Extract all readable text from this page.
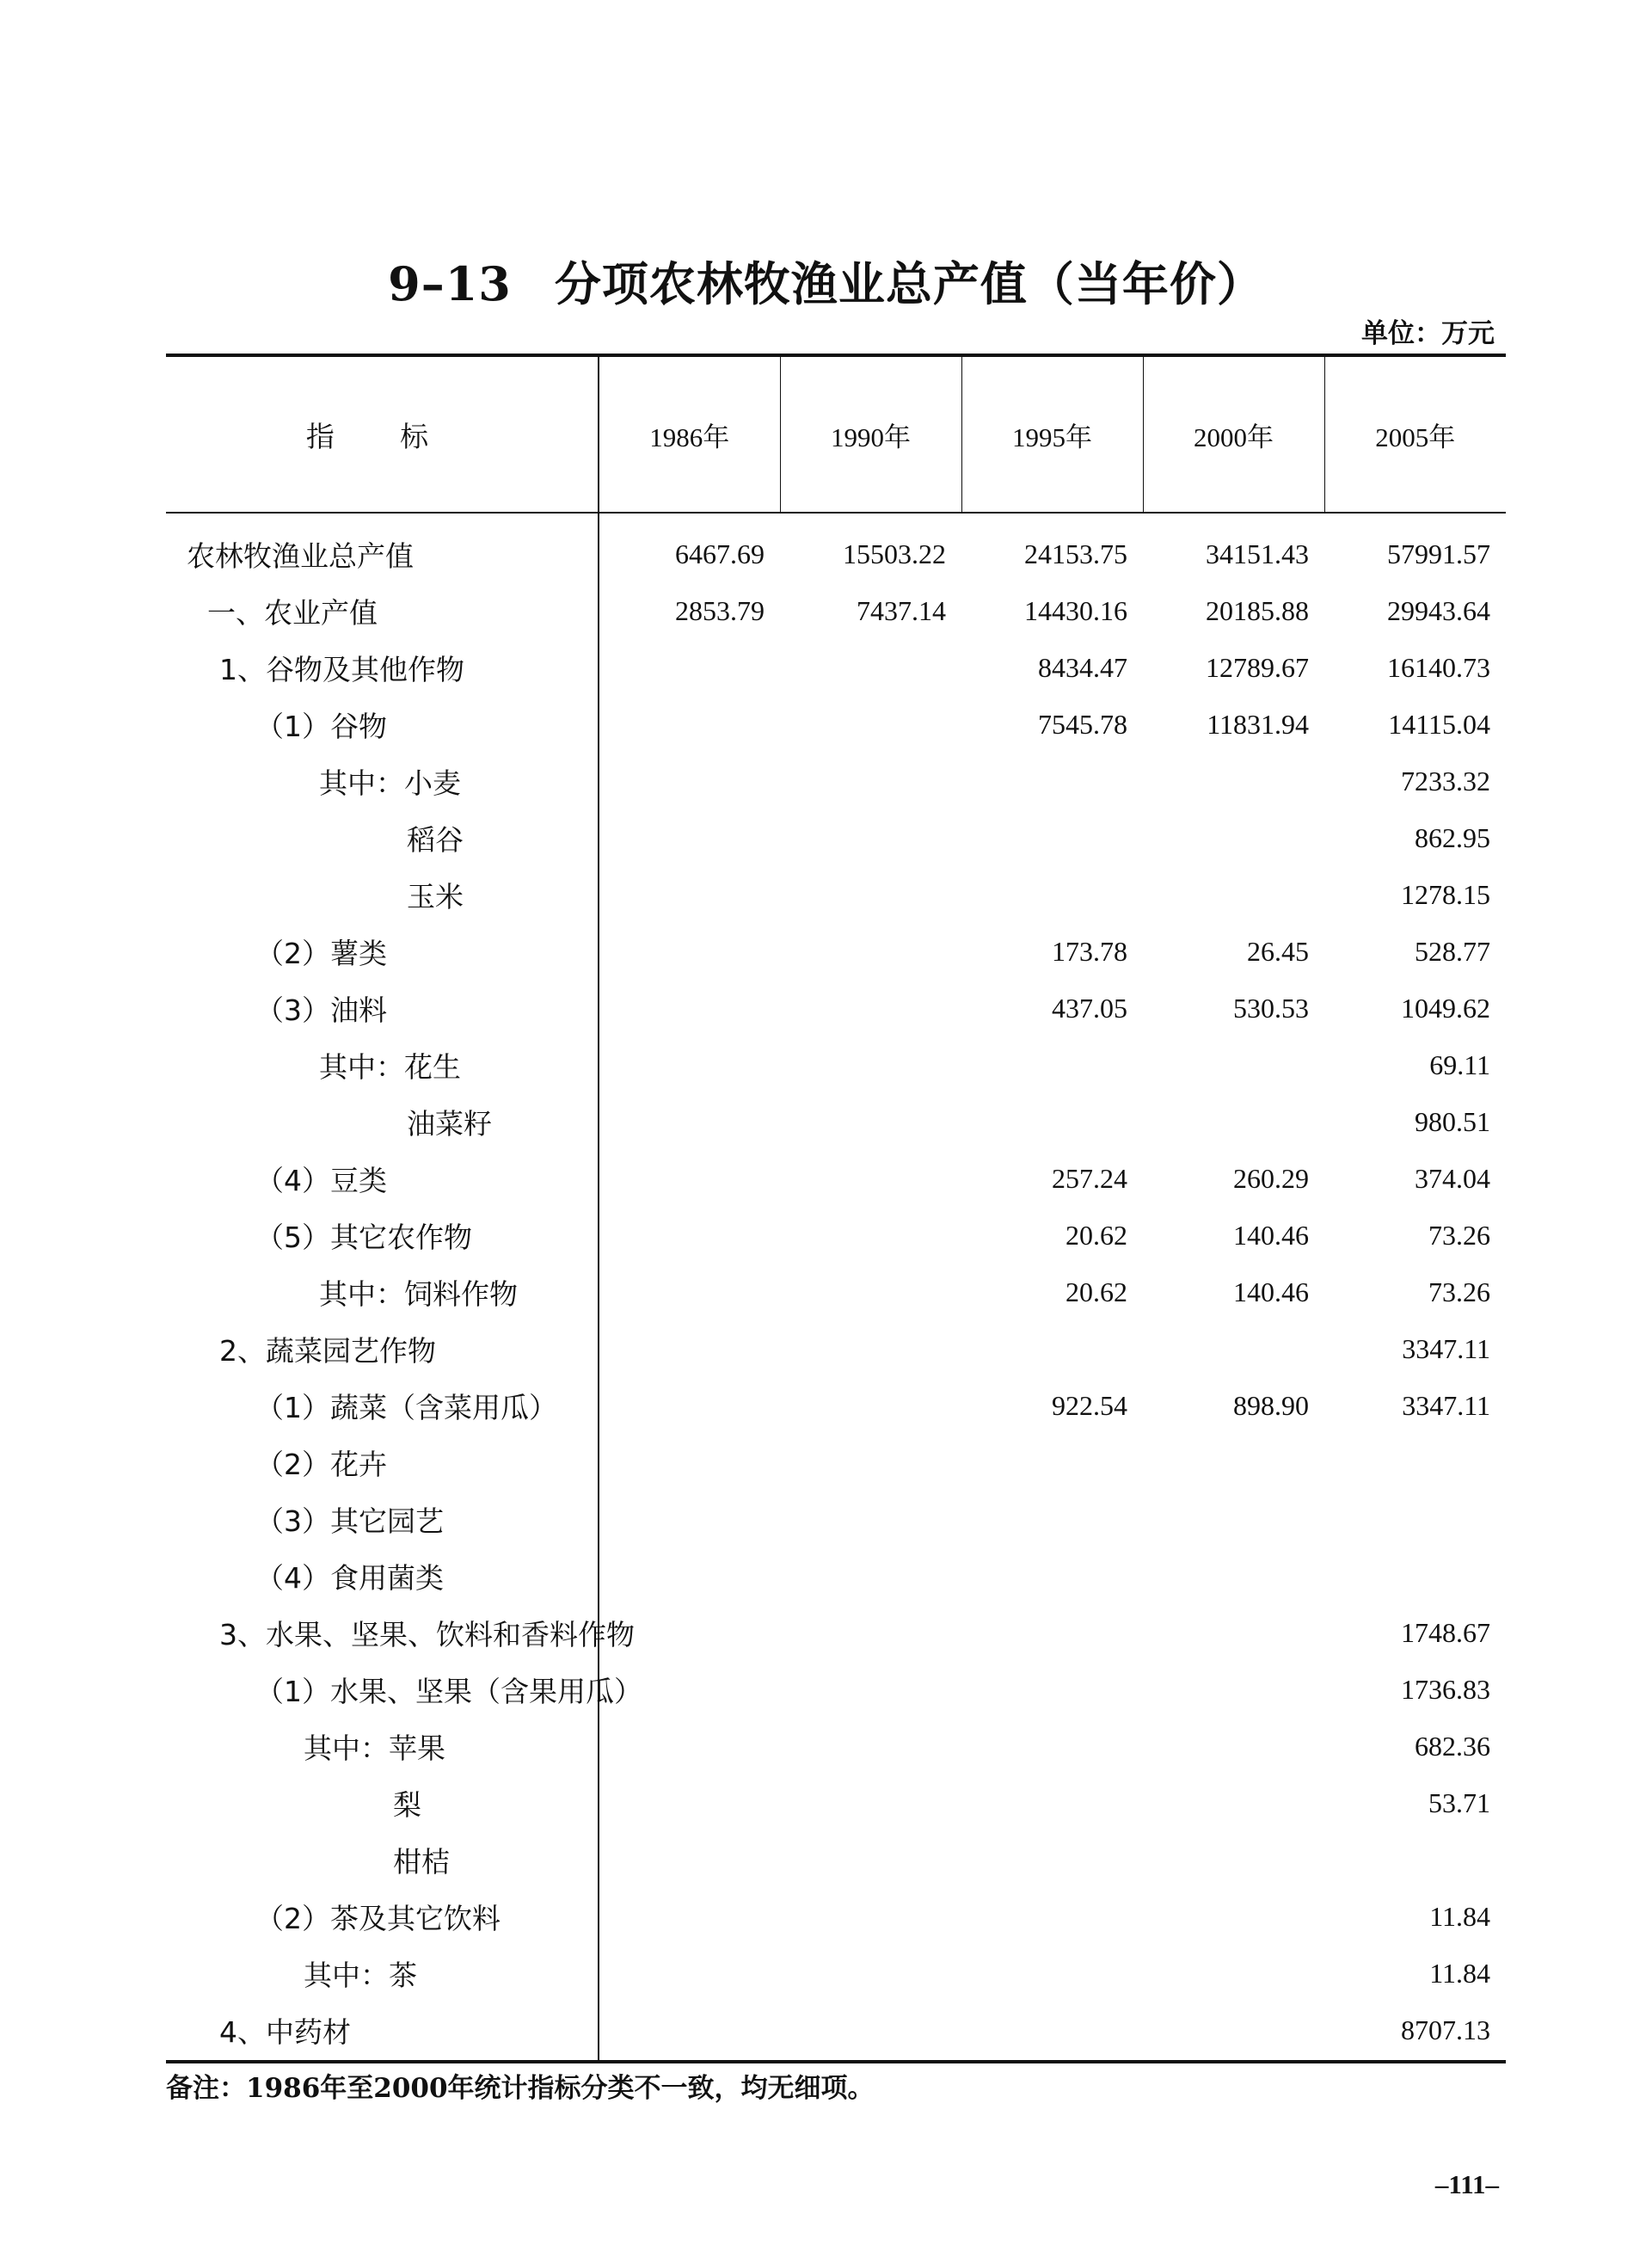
9–13 分项农林牧渔业总产值（当年价）
单位：万元
指 标	1986年	1990年	1995年	2000年	2005年
农林牧渔业总产值	6467.69	15503.22	24153.75	34151.43	57991.57
一、农业产值	2853.79	7437.14	14430.16	20185.88	29943.64
1、谷物及其他作物			8434.47	12789.67	16140.73
（1）谷物			7545.78	11831.94	14115.04
其中：小麦					7233.32
稻谷					862.95
玉米					1278.15
（2）薯类			173.78	26.45	528.77
（3）油料			437.05	530.53	1049.62
其中：花生					69.11
油菜籽					980.51
（4）豆类			257.24	260.29	374.04
（5）其它农作物			20.62	140.46	73.26
其中：饲料作物			20.62	140.46	73.26
2、蔬菜园艺作物					3347.11
（1）蔬菜（含菜用瓜）			922.54	898.90	3347.11
（2）花卉					
（3）其它园艺					
（4）食用菌类					
3、水果、坚果、饮料和香料作物					1748.67
（1）水果、坚果（含果用瓜）					1736.83
其中：苹果					682.36
梨					53.71
柑桔					
（2）茶及其它饮料					11.84
其中：茶					11.84
4、中药材					8707.13
备注：1986年至2000年统计指标分类不一致，均无细项。
–111–
